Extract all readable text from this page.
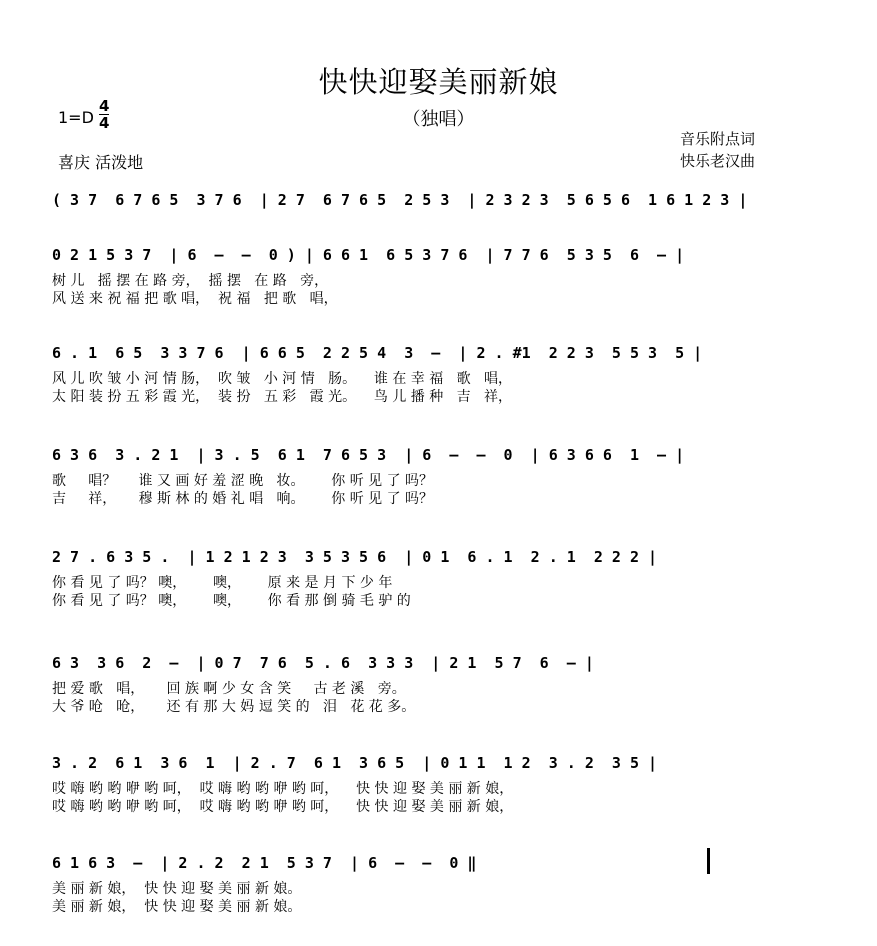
快快迎娶美丽新娘
（独唱）
1=D
4
4
喜庆 活泼地
音乐附点词
快乐老汉曲
( 3 7  6 7 6 5  3 7 6  | 2 7  6 7 6 5  2 5 3  | 2 3 2 3  5 6 5 6  1 6 1 2 3 |
0 2 1 5 3 7  | 6  –  –  0 ) | 6 6 1  6 5 3 7 6  | 7 7 6  5 3 5  6  – |
树 儿   摇 摆 在 路 旁，  摇 摆   在 路   旁，
风 送 来 祝 福 把 歌 唱，  祝 福   把 歌   唱，
6 . 1  6 5  3 3 7 6  | 6 6 5  2 2 5 4  3  –  | 2 . #1  2 2 3  5 5 3  5 |
风 儿 吹 皱 小 河 情 肠，  吹 皱   小 河 情   肠。    谁 在 幸 福   歌   唱，
太 阳 装 扮 五 彩 霞 光，  装 扮   五 彩   霞 光。    鸟 儿 播 种   吉   祥，
6 3 6  3 . 2 1  | 3 . 5  6 1  7 6 5 3  | 6  –  –  0  | 6 3 6 6  1  – |
歌     唱？     谁 又 画 好 羞 涩 晚   妆。      你 听 见 了 吗？
吉     祥，     穆 斯 林 的 婚 礼 唱   响。      你 听 见 了 吗？
2 7 . 6 3 5 .  | 1 2 1 2 3  3 5 3 5 6  | 0 1  6 . 1  2 . 1  2 2 2 |
你 看 见 了 吗？ 噢，      噢，      原 来 是 月 下 少 年
你 看 见 了 吗？ 噢，      噢，      你 看 那 倒 骑 毛 驴 的
6 3  3 6  2  –  | 0 7  7 6  5 . 6  3 3 3  | 2 1  5 7  6  – |
把 爱 歌   唱，     回 族 啊 少 女 含 笑     古 老 溪   旁。
大 爷 呛   呛，     还 有 那 大 妈 逗 笑 的   泪   花 花 多。
3 . 2  6 1  3 6  1  | 2 . 7  6 1  3 6 5  | 0 1 1  1 2  3 . 2  3 5 |
哎 嗨 哟 哟 咿 哟 呵，  哎 嗨 哟 哟 咿 哟 呵，    快 快 迎 娶 美 丽 新 娘，
哎 嗨 哟 哟 咿 哟 呵，  哎 嗨 哟 哟 咿 哟 呵，    快 快 迎 娶 美 丽 新 娘，
6 1 6 3  –  | 2 . 2  2 1  5 3 7  | 6  –  –  0 ‖
美 丽 新 娘，  快 快 迎 娶 美 丽 新 娘。
美 丽 新 娘，  快 快 迎 娶 美 丽 新 娘。
